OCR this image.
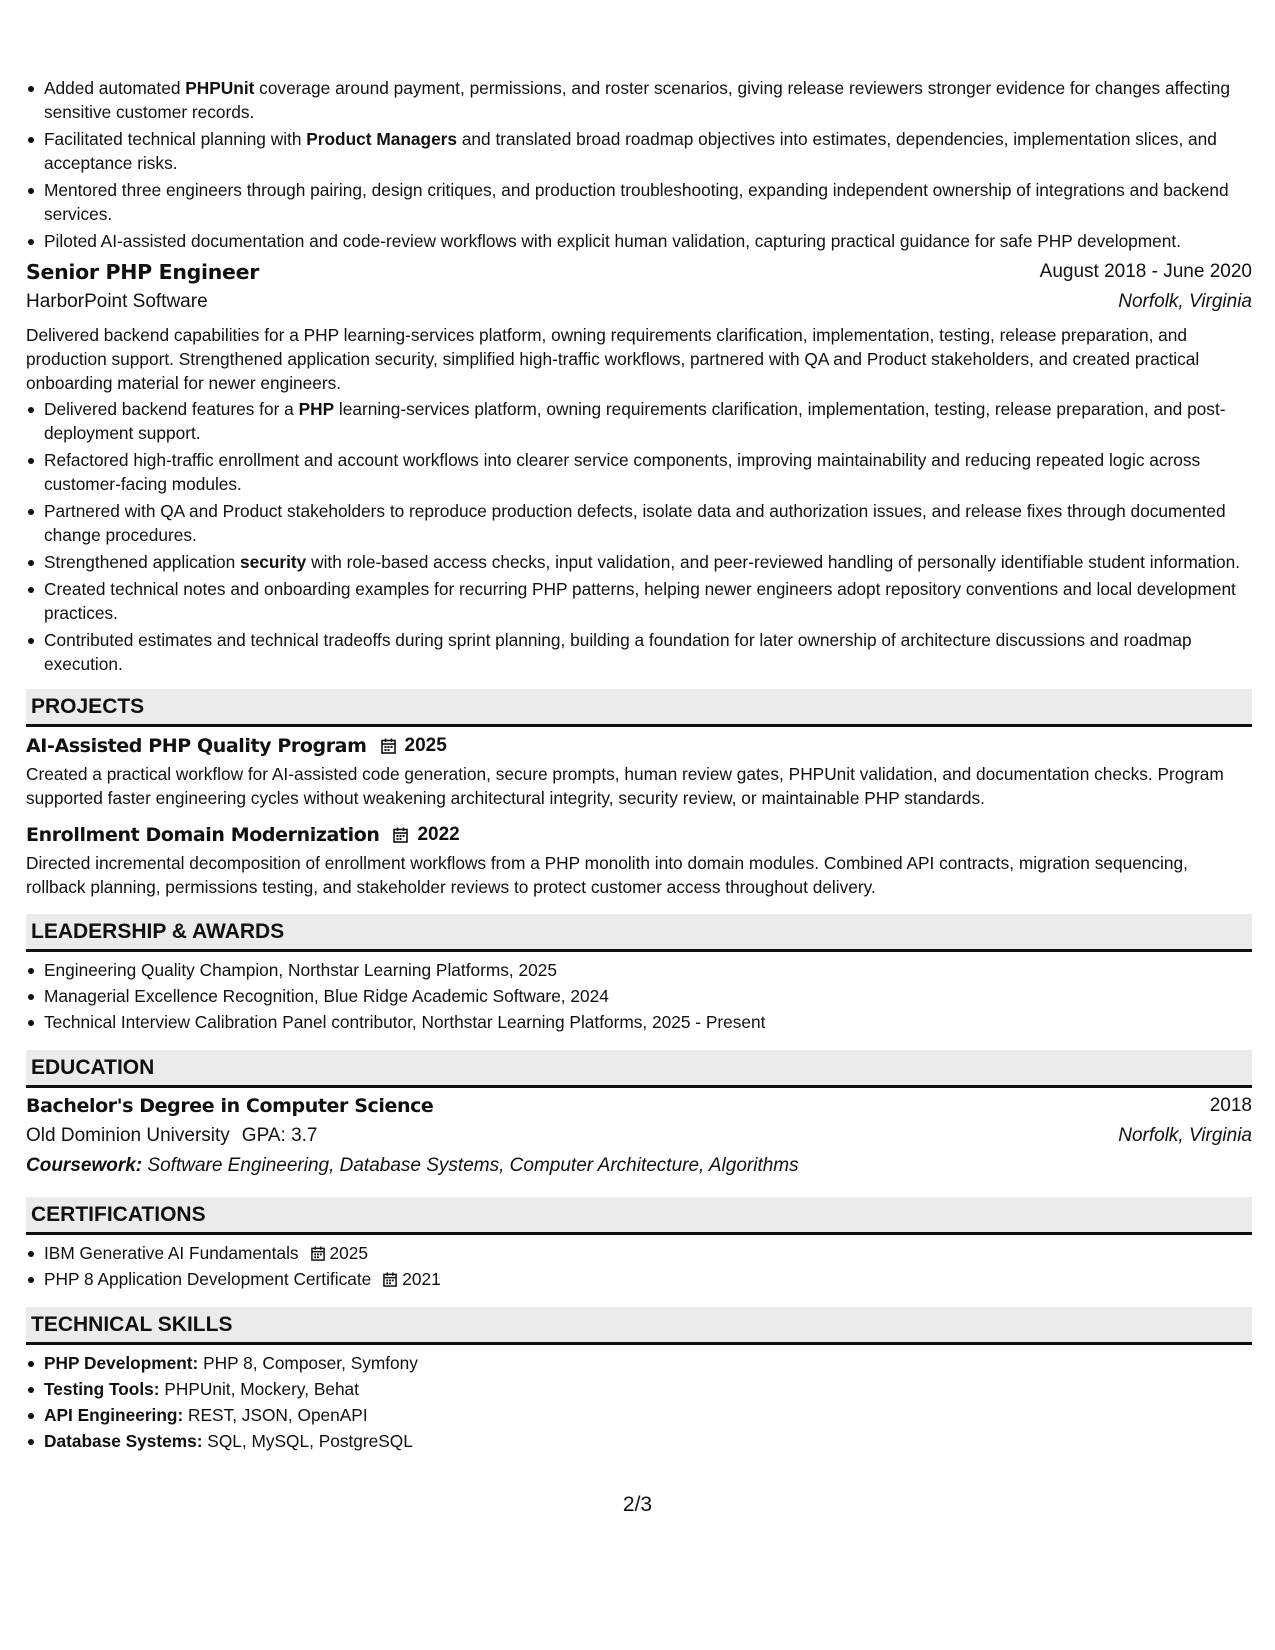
Added automated PHPUnit coverage around payment, permissions, and roster scenarios, giving release reviewers stronger evidence for changes affecting sensitive customer records.
Facilitated technical planning with Product Managers and translated broad roadmap objectives into estimates, dependencies, implementation slices, and acceptance risks.
Mentored three engineers through pairing, design critiques, and production troubleshooting, expanding independent ownership of integrations and backend services.
Piloted AI-assisted documentation and code-review workflows with explicit human validation, capturing practical guidance for safe PHP development.
Senior PHP Engineer	August 2018 - June 2020
HarborPoint Software	Norfolk, Virginia
Delivered backend capabilities for a PHP learning-services platform, owning requirements clarification, implementation, testing, release preparation, and production support. Strengthened application security, simplified high-traffic workflows, partnered with QA and Product stakeholders, and created practical onboarding material for newer engineers.
Delivered backend features for a PHP learning-services platform, owning requirements clarification, implementation, testing, release preparation, and post-deployment support.
Refactored high-traffic enrollment and account workflows into clearer service components, improving maintainability and reducing repeated logic across customer-facing modules.
Partnered with QA and Product stakeholders to reproduce production defects, isolate data and authorization issues, and release fixes through documented change procedures.
Strengthened application security with role-based access checks, input validation, and peer-reviewed handling of personally identifiable student information.
Created technical notes and onboarding examples for recurring PHP patterns, helping newer engineers adopt repository conventions and local development practices.
Contributed estimates and technical tradeoffs during sprint planning, building a foundation for later ownership of architecture discussions and roadmap execution.
PROJECTS
AI-Assisted PHP Quality Program 2025
Created a practical workflow for AI-assisted code generation, secure prompts, human review gates, PHPUnit validation, and documentation checks. Program supported faster engineering cycles without weakening architectural integrity, security review, or maintainable PHP standards.
Enrollment Domain Modernization 2022
Directed incremental decomposition of enrollment workflows from a PHP monolith into domain modules. Combined API contracts, migration sequencing, rollback planning, permissions testing, and stakeholder reviews to protect customer access throughout delivery.
LEADERSHIP & AWARDS
Engineering Quality Champion, Northstar Learning Platforms, 2025
Managerial Excellence Recognition, Blue Ridge Academic Software, 2024
Technical Interview Calibration Panel contributor, Northstar Learning Platforms, 2025 - Present
EDUCATION
Bachelor's Degree in Computer Science	2018
Old Dominion University GPA: 3.7	Norfolk, Virginia
Coursework: Software Engineering, Database Systems, Computer Architecture, Algorithms
CERTIFICATIONS
IBM Generative AI Fundamentals 2025
PHP 8 Application Development Certificate 2021
TECHNICAL SKILLS
PHP Development: PHP 8, Composer, Symfony
Testing Tools: PHPUnit, Mockery, Behat
API Engineering: REST, JSON, OpenAPI
Database Systems: SQL, MySQL, PostgreSQL
2/3
